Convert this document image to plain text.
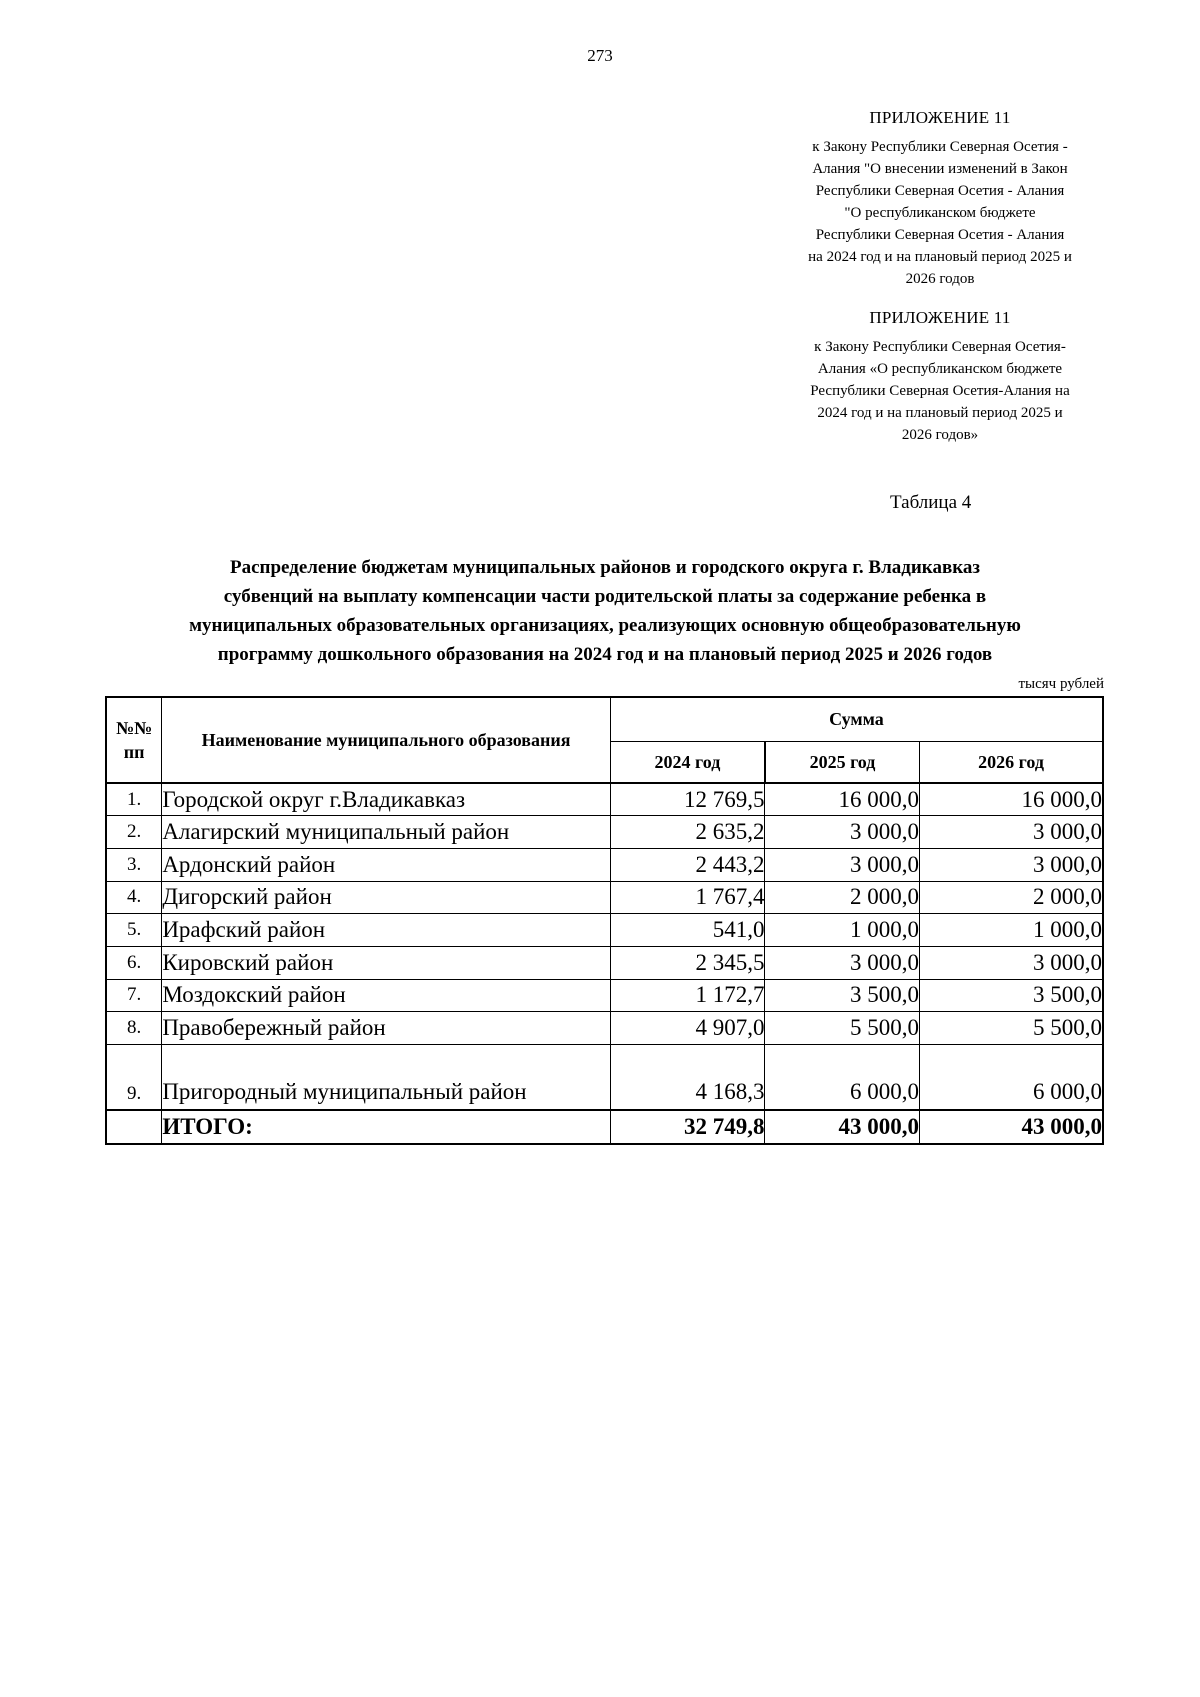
273
ПРИЛОЖЕНИЕ 11
к Закону Республики Северная Осетия -
Алания "О внесении изменений в Закон
Республики Северная Осетия - Алания
"О республиканском бюджете
Республики Северная Осетия - Алания
на 2024 год и на плановый период 2025 и
2026 годов
ПРИЛОЖЕНИЕ 11
к Закону Республики Северная Осетия-
Алания «О республиканском бюджете
Республики Северная Осетия-Алания на
2024 год и на плановый период 2025 и
2026 годов»
Таблица 4
Распределение бюджетам муниципальных районов и городского округа г. Владикавказ
субвенций на выплату компенсации части родительской платы за содержание ребенка в
муниципальных образовательных организациях, реализующих основную общеобразовательную
программу дошкольного образования на 2024 год и на плановый период 2025 и 2026 годов
тысяч рублей
№№ пп	Наименование муниципального образования	Сумма		
		2024 год	2025 год	2026 год
1.	Городской округ г.Владикавказ	12 769,5	16 000,0	16 000,0
2.	Алагирский муниципальный район	2 635,2	3 000,0	3 000,0
3.	Ардонский район	2 443,2	3 000,0	3 000,0
4.	Дигорский район	1 767,4	2 000,0	2 000,0
5.	Ирафский район	541,0	1 000,0	1 000,0
6.	Кировский район	2 345,5	3 000,0	3 000,0
7.	Моздокский район	1 172,7	3 500,0	3 500,0
8.	Правобережный район	4 907,0	5 500,0	5 500,0
9.	Пригородный муниципальный район	4 168,3	6 000,0	6 000,0
	ИТОГО:	32 749,8	43 000,0	43 000,0
